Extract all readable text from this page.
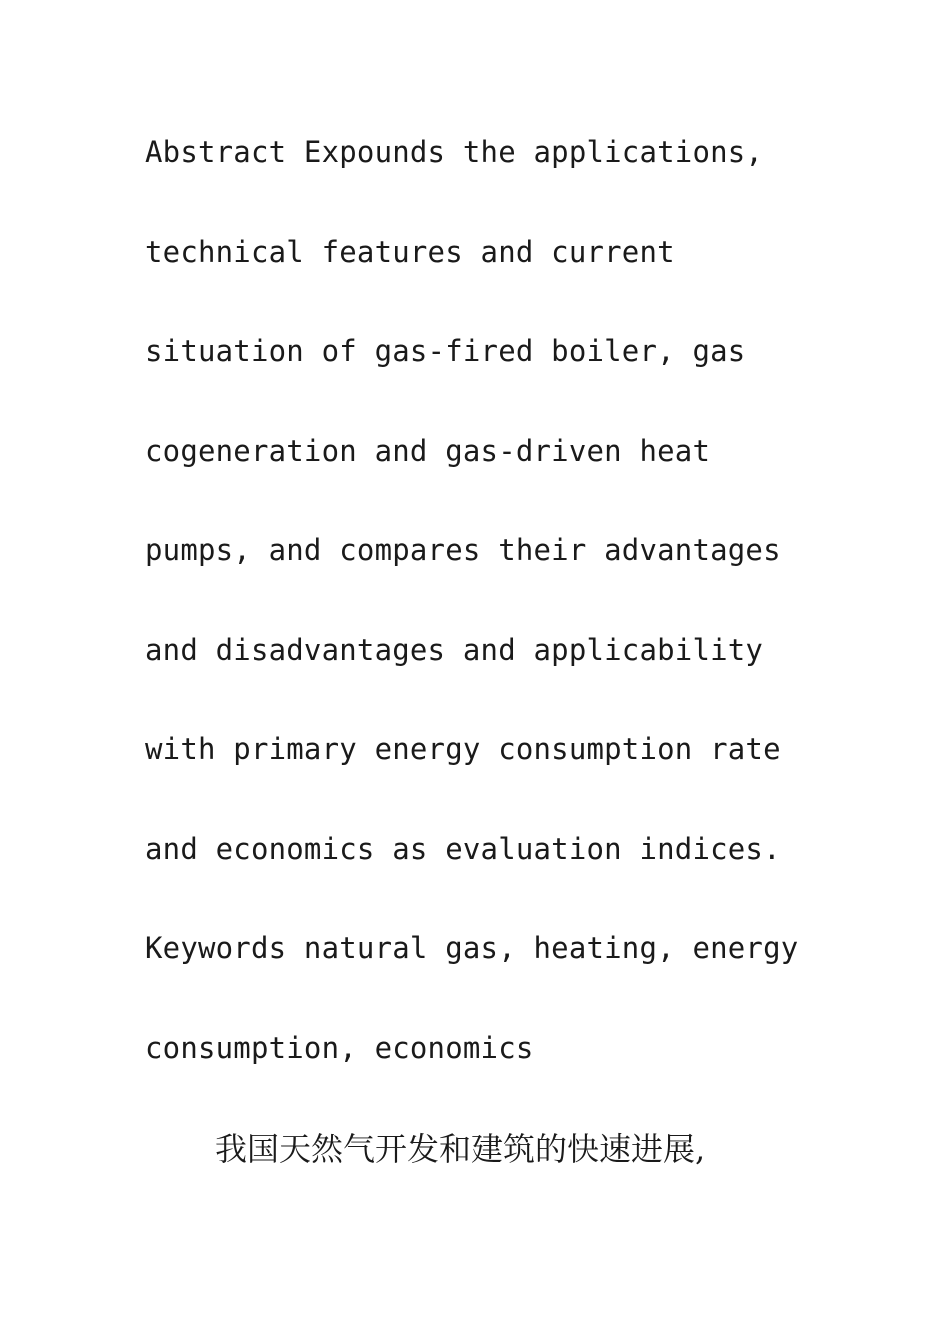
Abstract Expounds the applications,
technical features and current
situation of gas-fired boiler, gas
cogeneration and gas-driven heat
pumps, and compares their advantages
and disadvantages and applicability
with primary energy consumption rate
and economics as evaluation indices.
Keywords natural gas, heating, energy
consumption, economics
我国天然气开发和建筑的快速进展,
